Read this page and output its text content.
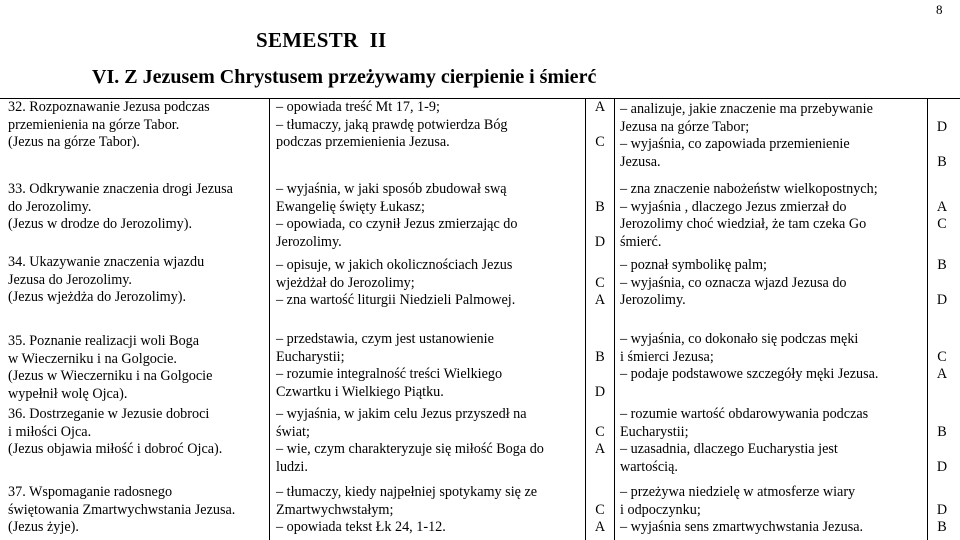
8
SEMESTR  II
VI. Z Jezusem Chrystusem przeżywamy cierpienie i śmierć
32. Rozpoznawanie Jezusa podczas
przemienienia na górze Tabor.
(Jezus na górze Tabor).
33. Odkrywanie znaczenia drogi Jezusa
do Jerozolimy.
(Jezus w drodze do Jerozolimy).
34. Ukazywanie znaczenia wjazdu
Jezusa do Jerozolimy.
(Jezus wjeżdża do Jerozolimy).
35. Poznanie realizacji woli Boga
w Wieczerniku i na Golgocie.
(Jezus w Wieczerniku i na Golgocie
wypełnił wolę Ojca).
36. Dostrzeganie w Jezusie dobroci
i miłości Ojca.
(Jezus objawia miłość i dobroć Ojca).
37. Wspomaganie radosnego
świętowania Zmartwychwstania Jezusa.
(Jezus żyje).
– opowiada treść Mt 17, 1-9;
– tłumaczy, jaką prawdę potwierdza Bóg
podczas przemienienia Jezusa.
A
C
– wyjaśnia, w jaki sposób zbudował swą
Ewangelię święty Łukasz;
– opowiada, co czynił Jezus zmierzając do
Jerozolimy.
B
D
– opisuje, w jakich okolicznościach Jezus
wjeżdżał do Jerozolimy;
– zna wartość liturgii Niedzieli Palmowej.
C
A
– przedstawia, czym jest ustanowienie
Eucharystii;
– rozumie integralność treści Wielkiego
Czwartku i Wielkiego Piątku.
B
D
– wyjaśnia, w jakim celu Jezus przyszedł na
świat;
– wie, czym charakteryzuje się miłość Boga do
ludzi.
C
A
– tłumaczy, kiedy najpełniej spotykamy się ze
Zmartwychwstałym;
– opowiada tekst Łk 24, 1-12.
C
A
– analizuje, jakie znaczenie ma przebywanie
Jezusa na górze Tabor;
– wyjaśnia, co zapowiada przemienienie
Jezusa.
D
B
– zna znaczenie nabożeństw wielkopostnych;
– wyjaśnia , dlaczego Jezus zmierzał do
Jerozolimy choć wiedział, że tam czeka Go
śmierć.
A
C
– poznał symbolikę palm;
– wyjaśnia, co oznacza wjazd Jezusa do
Jerozolimy.
B
D
– wyjaśnia, co dokonało się podczas męki
i śmierci Jezusa;
– podaje podstawowe szczegóły męki Jezusa.
C
A
– rozumie wartość obdarowywania podczas
Eucharystii;
– uzasadnia, dlaczego Eucharystia jest
wartością.
B
D
– przeżywa niedzielę w atmosferze wiary
i odpoczynku;
– wyjaśnia sens zmartwychwstania Jezusa.
D
B
